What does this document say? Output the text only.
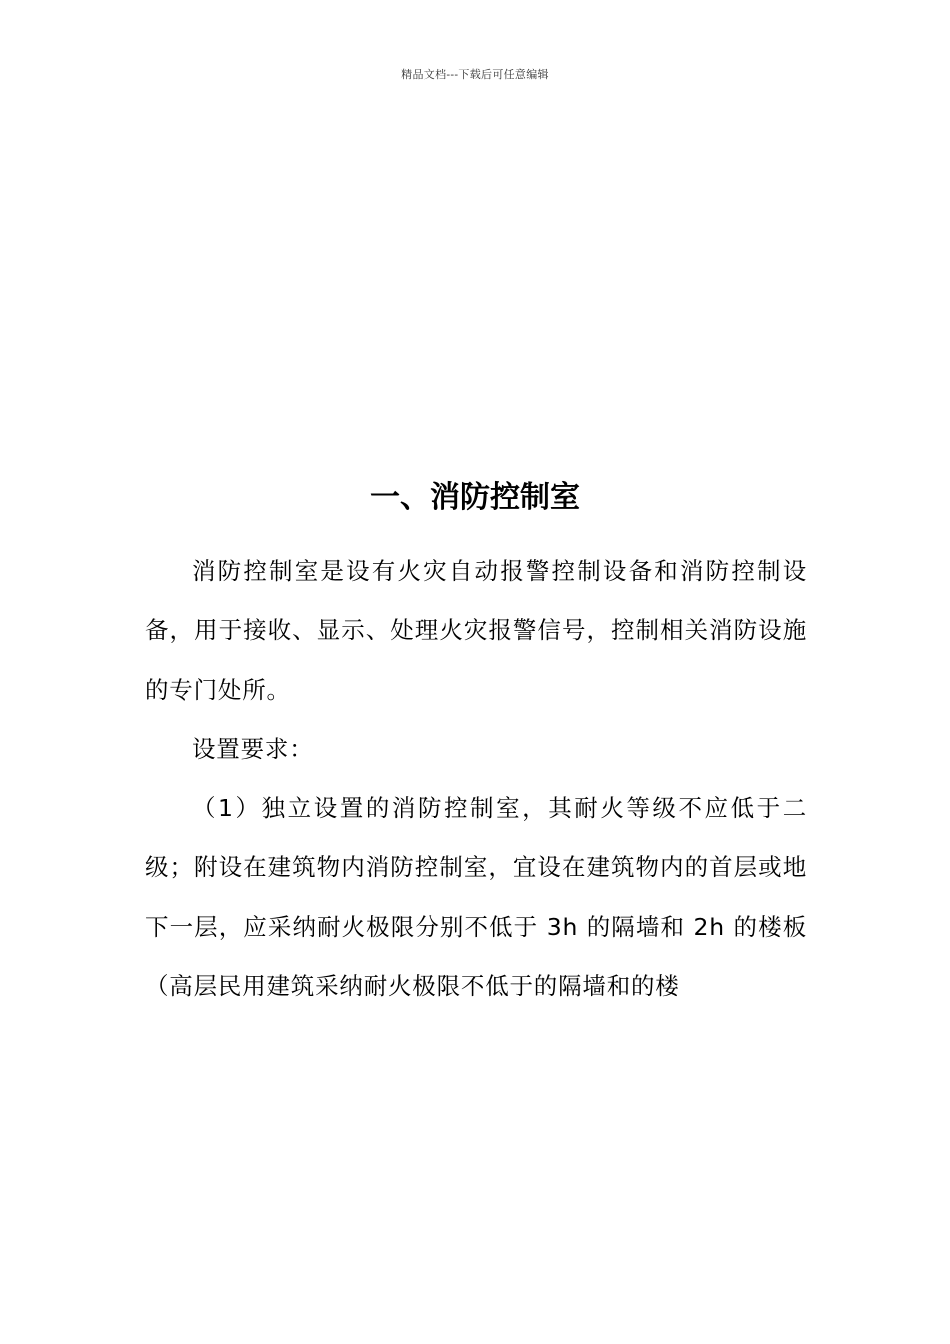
精品文档---下载后可任意编辑
一、消防控制室

消防控制室是设有火灾自动报警控制设备和消防控制设备，用于接收、显示、处理火灾报警信号，控制相关消防设施的专门处所。

设置要求：

（1）独立设置的消防控制室，其耐火等级不应低于二级；附设在建筑物内消防控制室，宜设在建筑物内的首层或地下一层，应采纳耐火极限分别不低于 3h 的隔墙和 2h 的楼板（高层民用建筑采纳耐火极限不低于的隔墙和的楼
